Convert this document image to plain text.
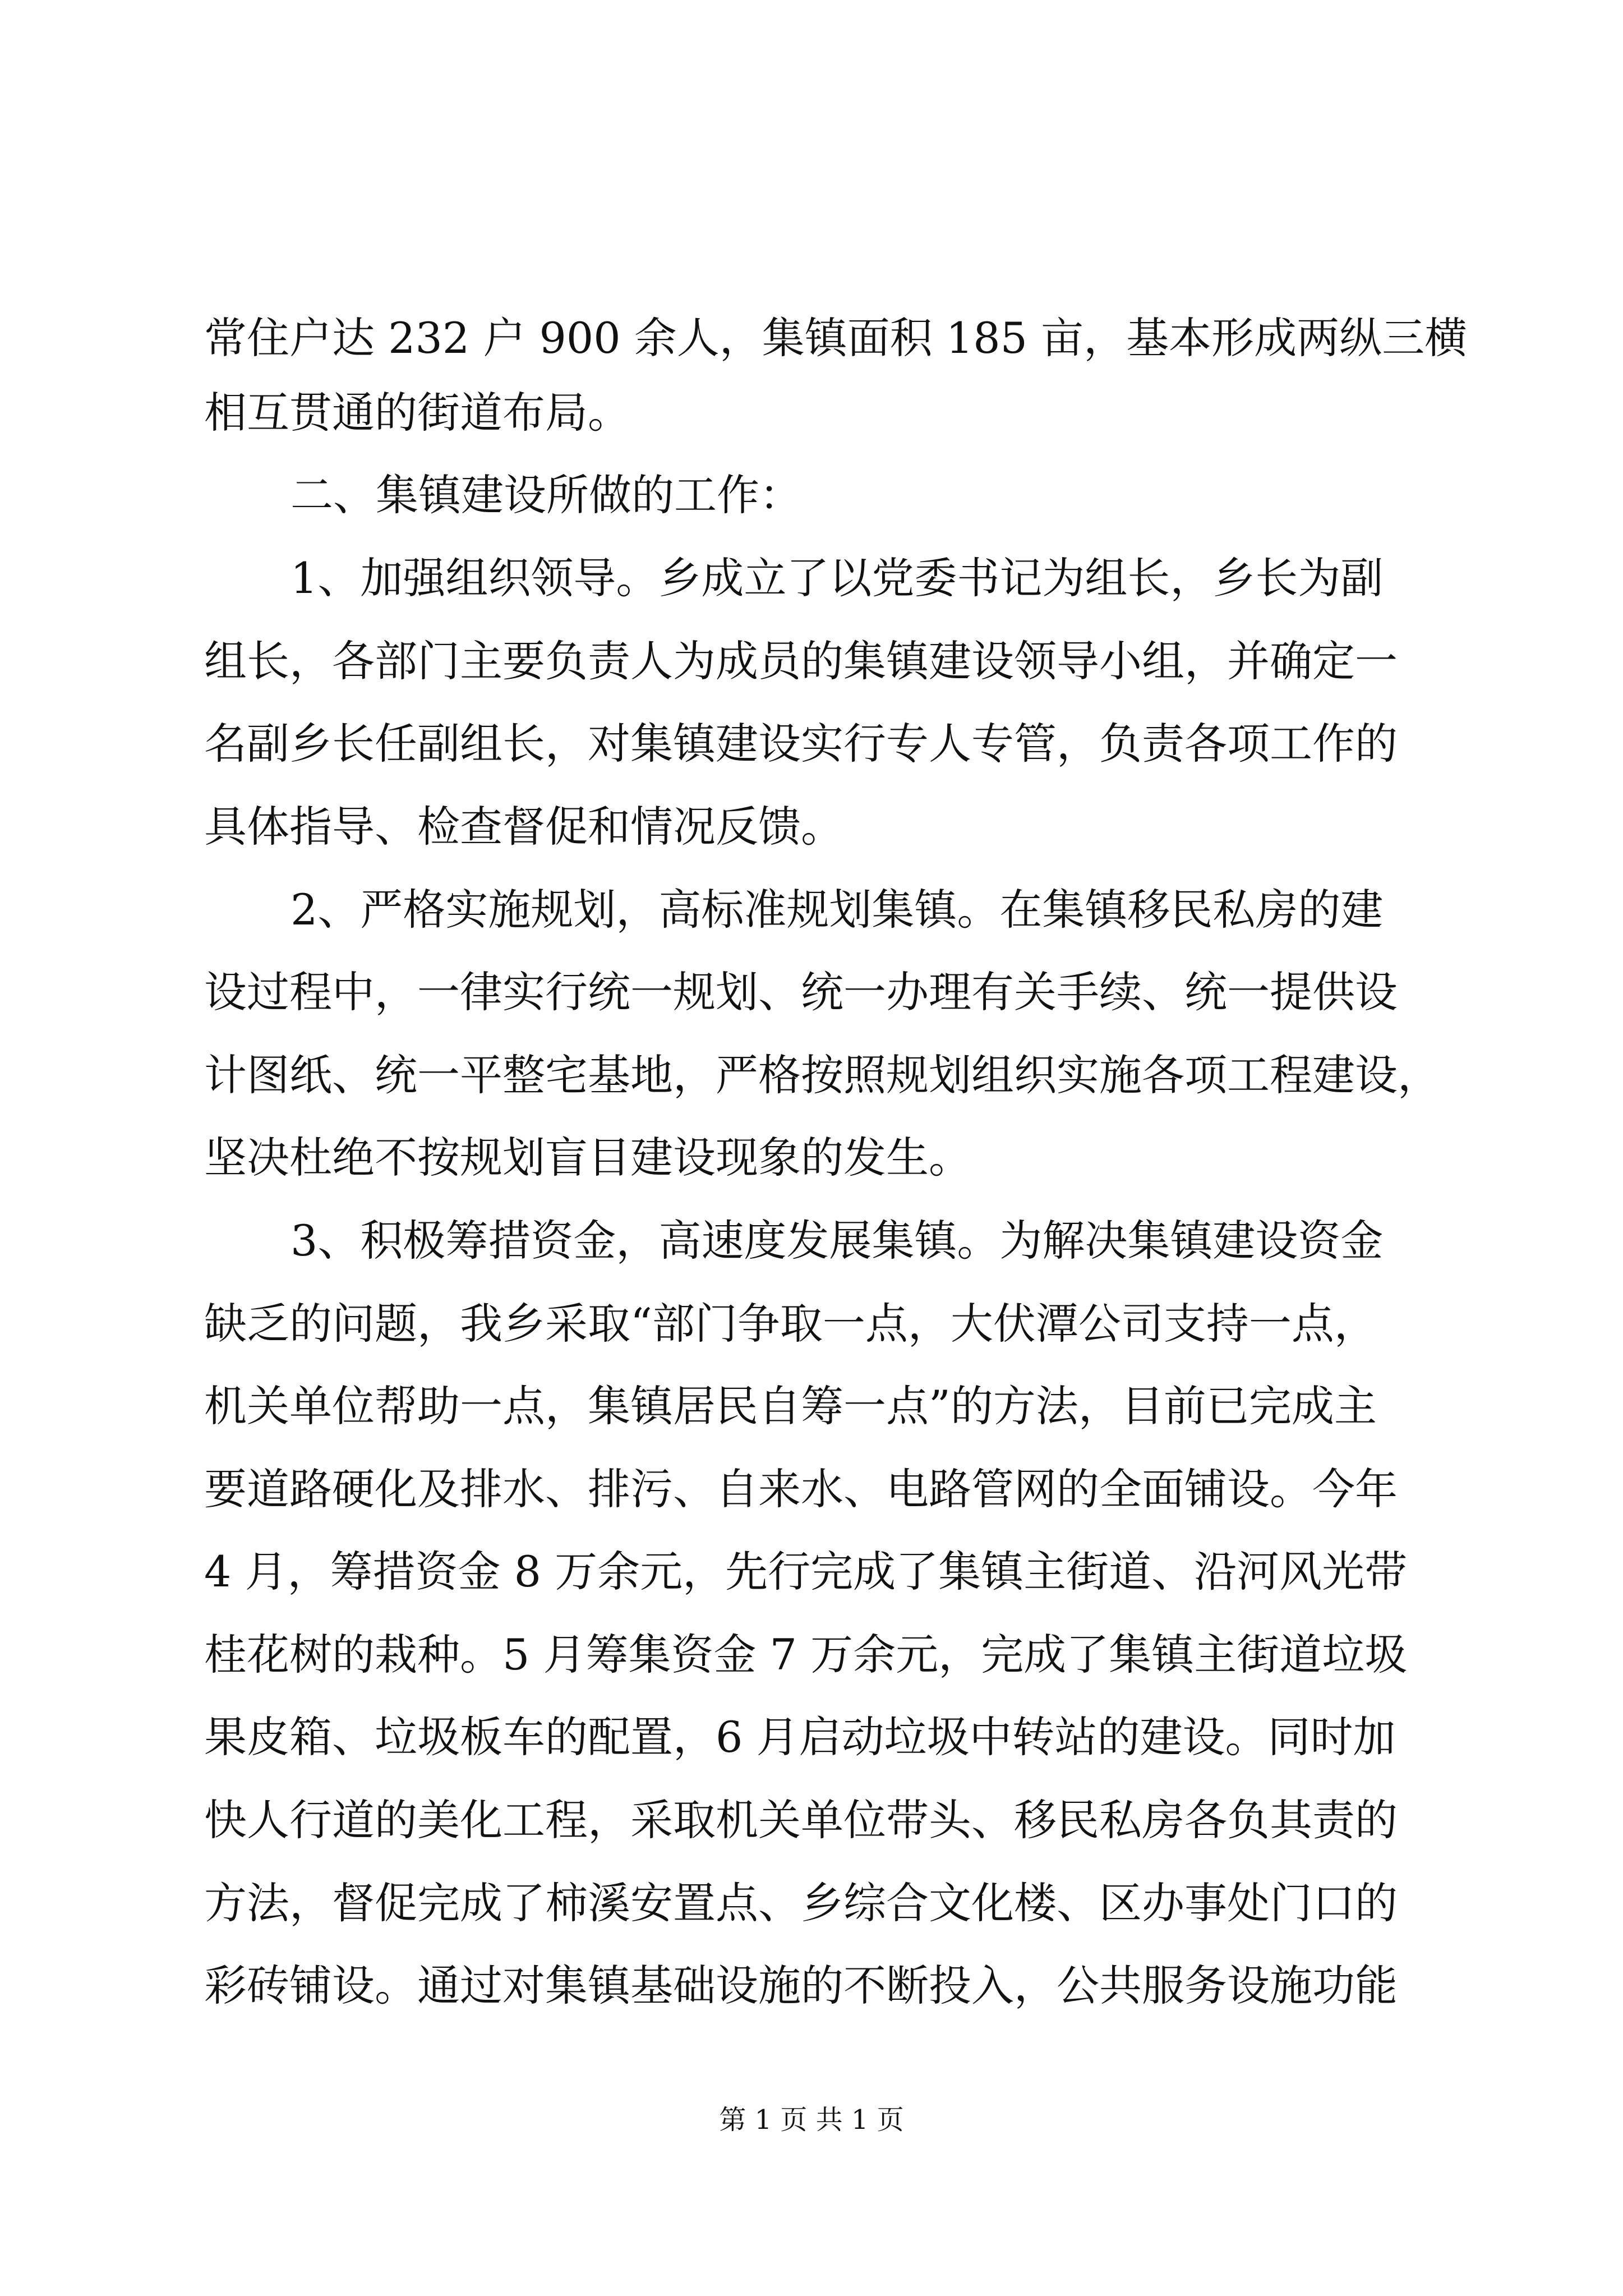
常住户达 232 户 900 余人，集镇面积 185 亩，基本形成两纵三横
相互贯通的街道布局。
二、集镇建设所做的工作：
1、加强组织领导。乡成立了以党委书记为组长，乡长为副
组长，各部门主要负责人为成员的集镇建设领导小组，并确定一
名副乡长任副组长，对集镇建设实行专人专管，负责各项工作的
具体指导、检查督促和情况反馈。
2、严格实施规划，高标准规划集镇。在集镇移民私房的建
设过程中，一律实行统一规划、统一办理有关手续、统一提供设
计图纸、统一平整宅基地，严格按照规划组织实施各项工程建设，
坚决杜绝不按规划盲目建设现象的发生。
3、积极筹措资金，高速度发展集镇。为解决集镇建设资金
缺乏的问题，我乡采取“部门争取一点，大伏潭公司支持一点，
机关单位帮助一点，集镇居民自筹一点”的方法，目前已完成主
要道路硬化及排水、排污、自来水、电路管网的全面铺设。今年
4 月，筹措资金 8 万余元，先行完成了集镇主街道、沿河风光带
桂花树的栽种。5 月筹集资金 7 万余元，完成了集镇主街道垃圾
果皮箱、垃圾板车的配置，6 月启动垃圾中转站的建设。同时加
快人行道的美化工程，采取机关单位带头、移民私房各负其责的
方法，督促完成了柿溪安置点、乡综合文化楼、区办事处门口的
彩砖铺设。通过对集镇基础设施的不断投入，公共服务设施功能
第 1 页 共 1 页
